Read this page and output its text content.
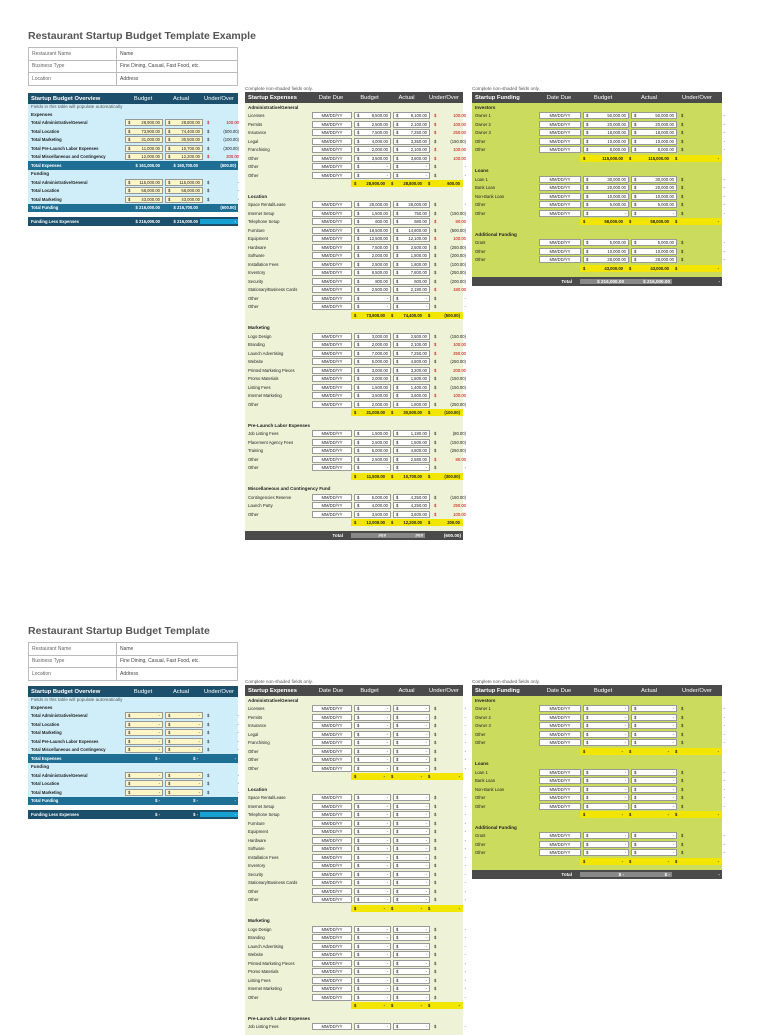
Restaurant Startup Budget Template Example
Restaurant Name	Name
Business Type	Fine Dining, Casual, Fast Food, etc.
Location	Address
Startup Budget Overview	Budget	Actual	Under/Over
Fields in this table will populate automatically
Expenses
Total Administrative/General	$	28,900.00 $	28,800.00 $	100.00
Total Location	$	73,900.00 $	74,400.00 $	(500.00)
Total Marketing	$	31,000.00 $	30,500.00 $	(100.00)
Total Pre-Launch Labor Expenses	$	11,000.00 $	10,700.00 $	(300.00)
Total Miscellaneous and Contingency	$	12,000.00 $	12,200.00 $	200.00
Total Expenses	$ 161,000.00	$ 160,700.00	(600.00)
Funding
Total Administrative/General	$ 115,000.00 $ 115,000.00 $	-
Total Location	$	58,000.00 $	58,000.00 $	-
Total Marketing	$	43,000.00 $	43,000.00 $	-
Total Funding	$ 216,000.00	$ 216,700.00	(600.00)
Funding Less Expenses	$ 216,000.00	$ 216,000.00	-
Complete non-shaded fields only.
Startup Expenses	Date Due	Budget	Actual	Under/Over
Administrative/General
Licenses	MM/DD/YY	$	8,500.00 $	8,100.00 $	100.00
Permits	MM/DD/YY	$	2,500.00 $	2,100.00 $	100.00
Insurance	MM/DD/YY	$	7,500.00 $	7,250.00 $	250.00
Legal	MM/DD/YY	$	4,000.00 $	3,350.00 $	(150.00)
Franchising	MM/DD/YY	$	2,000.00 $	2,100.00 $	100.00
Other	MM/DD/YY	$	3,500.00 $	3,800.00 $	100.00
Other	MM/DD/YY	$	- $	- $	-
Other	MM/DD/YY	$	- $	- $	-
$ 28,900.00 $ 28,800.00 $	600.00
Location
Space Rental/Lease	MM/DD/YY	$ 28,000.00 $ 28,000.00 $	-
Internet Setup	MM/DD/YY	$	1,500.00 $	750.00 $	(150.00)
Telephone Setup	MM/DD/YY	$	600.00 $	680.00 $	80.00
Furniture	MM/DD/YY	$ 18,500.00 $ 14,800.00 $	(500.00)
Equipment	MM/DD/YY	$ 12,500.00 $ 12,100.00 $	100.00
Hardware	MM/DD/YY	$	7,500.00 $	2,500.00 $	(250.00)
Software	MM/DD/YY	$	2,000.00 $	1,800.00 $	(200.00)
Installation Fees	MM/DD/YY	$	2,500.00 $	1,800.00 $	(100.00)
Inventory	MM/DD/YY	$	8,500.00 $	7,800.00 $	(250.00)
Security	MM/DD/YY	$	800.00 $	600.00 $	(200.00)
Stationary/Business Cards	MM/DD/YY	$	2,500.00 $	2,180.00 $	180.00
Other	MM/DD/YY	$	- $	- $	-
Other	MM/DD/YY	$	- $	- $	-
$ 73,900.00 $ 74,400.00 $	(500.00)
Marketing
Logo Design	MM/DD/YY	$	3,000.00 $	2,500.00 $	(150.00)
Branding	MM/DD/YY	$	2,000.00 $	2,100.00 $	100.00
Launch Advertising	MM/DD/YY	$	7,000.00 $	7,250.00 $	250.00
Website	MM/DD/YY	$	5,000.00 $	4,800.00 $	(250.00)
Printed Marketing Pieces	MM/DD/YY	$	3,000.00 $	3,200.00 $	200.00
Promo Materials	MM/DD/YY	$	2,000.00 $	1,500.00 $	(150.00)
Listing Fees	MM/DD/YY	$	1,500.00 $	1,400.00 $	(150.00)
Internet Marketing	MM/DD/YY	$	3,500.00 $	3,600.00 $	100.00
Other	MM/DD/YY	$	2,000.00 $	1,800.00 $	(250.00)
$ 31,000.00 $ 30,500.00 $	(100.00)
Pre-Launch Labor Expenses
Job Listing Fees	MM/DD/YY	$	1,500.00 $	1,180.00 $	(80.00)
Placement Agency Fees	MM/DD/YY	$	2,500.00 $	1,500.00 $	(150.00)
Training	MM/DD/YY	$	5,000.00 $	4,800.00 $	(250.00)
Other	MM/DD/YY	$	2,500.00 $	2,580.00 $	80.00
Other	MM/DD/YY	$	- $	- $	-
$ 11,500.00 $ 10,700.00 $	(300.00)
Miscellaneous and Contingency Fund
Contingencies Reserve	MM/DD/YY	$	5,000.00 $	4,350.00 $	(150.00)
Launch Party	MM/DD/YY	$	4,000.00 $	4,250.00 $	250.00
Other	MM/DD/YY	$	3,500.00 $	3,600.00 $	100.00
$ 12,000.00 $ 12,200.00 $	200.00
Total	###	###	(600.00)
Complete non-shaded fields only.
Startup Funding	Date Due	Budget	Actual	Under/Over
Investors
Owner 1	MM/DD/YY	$	50,000.00 $	50,000.00 $	-
Owner 2	MM/DD/YY	$	20,000.00 $	20,000.00 $	-
Owner 3	MM/DD/YY	$	18,000.00 $	18,000.00 $	-
Other	MM/DD/YY	$	10,000.00 $	10,000.00 $	-
Other	MM/DD/YY	$	8,000.00 $	8,000.00 $	-
$	115,000.00 $	115,000.00 $	-
Loans
Loan 1	MM/DD/YY	$	30,000.00 $	30,000.00 $	-
Bank Loan	MM/DD/YY	$	20,000.00 $	20,000.00 $	-
Non-Bank Loan	MM/DD/YY	$	10,000.00 $	10,000.00 $	-
Other	MM/DD/YY	$	5,000.00 $	5,000.00 $	-
Other	MM/DD/YY	$	- $	- $	-
$	58,000.00 $	58,000.00 $	-
Additional Funding
Grant	MM/DD/YY	$	5,000.00 $	5,000.00 $	-
Other	MM/DD/YY	$	10,000.00 $	10,000.00 $	-
Other	MM/DD/YY	$	28,000.00 $	28,000.00 $	-
$	43,000.00 $	43,000.00 $	-
Total	$ 216,000.00	$ 216,000.00	-
Restaurant Startup Budget Template
Restaurant Name	Name
Business Type	Fine Dining, Casual, Fast Food, etc.
Location	Address
Startup Budget Overview	Budget	Actual	Under/Over
Fields in this table will populate automatically
Expenses
Total Administrative/General	$	- $	- $	-
Total Location	$	- $	- $	-
Total Marketing	$	- $	- $	-
Total Pre-Launch Labor Expenses	$	- $	- $	-
Total Miscellaneous and Contingency	$	- $	- $	-
Total Expenses	$ -	$ -	-
Funding
Total Administrative/General	$	- $	- $	-
Total Location	$	- $	- $	-
Total Marketing	$	- $	- $	-
Total Funding	$ -	$ -	-
Funding Less Expenses	$ -	$ -	-
Complete non-shaded fields only.
Startup Expenses	Date Due	Budget	Actual	Under/Over
Administrative/General
Licenses	MM/DD/YY	$	- $	- $	-
Permits	MM/DD/YY	$	- $	- $	-
Insurance	MM/DD/YY	$	- $	- $	-
Legal	MM/DD/YY	$	- $	- $	-
Franchising	MM/DD/YY	$	- $	- $	-
Other	MM/DD/YY	$	- $	- $	-
Other	MM/DD/YY	$	- $	- $	-
Other	MM/DD/YY	$	- $	- $	-
$	- $	- $	-
Location
Space Rental/Lease	MM/DD/YY	$	- $	- $	-
Internet Setup	MM/DD/YY	$	- $	- $	-
Telephone Setup	MM/DD/YY	$	- $	- $	-
Furniture	MM/DD/YY	$	- $	- $	-
Equipment	MM/DD/YY	$	- $	- $	-
Hardware	MM/DD/YY	$	- $	- $	-
Software	MM/DD/YY	$	- $	- $	-
Installation Fees	MM/DD/YY	$	- $	- $	-
Inventory	MM/DD/YY	$	- $	- $	-
Security	MM/DD/YY	$	- $	- $	-
Stationary/Business Cards	MM/DD/YY	$	- $	- $	-
Other	MM/DD/YY	$	- $	- $	-
Other	MM/DD/YY	$	- $	- $	-
$	- $	- $	-
Marketing
Logo Design	MM/DD/YY	$	- $	- $	-
Branding	MM/DD/YY	$	- $	- $	-
Launch Advertising	MM/DD/YY	$	- $	- $	-
Website	MM/DD/YY	$	- $	- $	-
Printed Marketing Pieces	MM/DD/YY	$	- $	- $	-
Promo Materials	MM/DD/YY	$	- $	- $	-
Listing Fees	MM/DD/YY	$	- $	- $	-
Internet Marketing	MM/DD/YY	$	- $	- $	-
Other	MM/DD/YY	$	- $	- $	-
$	- $	- $	-
Pre-Launch Labor Expenses
Job Listing Fees	MM/DD/YY	$	- $	- $	-
Complete non-shaded fields only.
Startup Funding	Date Due	Budget	Actual	Under/Over
Investors
Owner 1	MM/DD/YY	$	- $	- $	-
Owner 2	MM/DD/YY	$	- $	- $	-
Owner 3	MM/DD/YY	$	- $	- $	-
Other	MM/DD/YY	$	- $	- $	-
Other	MM/DD/YY	$	- $	- $	-
$	- $	- $	-
Loans
Loan 1	MM/DD/YY	$	- $	- $	-
Bank Loan	MM/DD/YY	$	- $	- $	-
Non-Bank Loan	MM/DD/YY	$	- $	- $	-
Other	MM/DD/YY	$	- $	- $	-
Other	MM/DD/YY	$	- $	- $	-
$	- $	- $	-
Additional Funding
Grant	MM/DD/YY	$	- $	- $	-
Other	MM/DD/YY	$	- $	- $	-
Other	MM/DD/YY	$	- $	- $	-
$	- $	- $	-
Total	$ -	$ -	-
